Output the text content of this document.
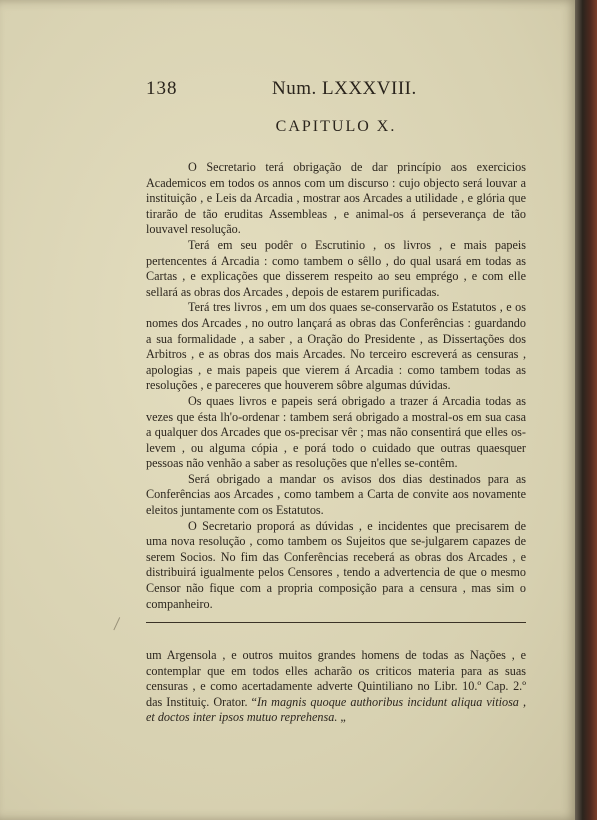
138	Num. LXXXVIII.
CAPITULO X.

O Secretario terá obrigação de dar princípio aos exercicios Academicos em todos os annos com um discurso : cujo objecto será louvar a instituição , e Leis da Arcadia , mostrar aos Arcades a utilidade , e glória que tirarão de tão eruditas Assembleas , e animal-os á perseverança de tão louvavel resolução.

Terá em seu podêr o Escrutinio , os livros , e mais papeis pertencentes á Arcadia : como tambem o sêllo , do qual usará em todas as Cartas , e explicações que disserem respeito ao seu emprégo , e com elle sellará as obras dos Arcades , depois de estarem purificadas.

Terá tres livros , em um dos quaes se-conservarão os Estatutos , e os nomes dos Arcades , no outro lançará as obras das Conferências : guardando a sua formalidade , a saber , a Oração do Presidente , as Dissertações dos Arbitros , e as obras dos mais Arcades. No terceiro escreverá as censuras , apologias , e mais papeis que vierem á Arcadia : como tambem todas as resoluções , e pareceres que houverem sôbre algumas dúvidas.

Os quaes livros e papeis será obrigado a trazer á Arcadia todas as vezes que ésta lh'o-ordenar : tambem será obrigado a mostral-os em sua casa a qualquer dos Arcades que os-precisar vêr ; mas não consentirá que elles os-levem , ou alguma cópia , e porá todo o cuidado que outras quaesquer pessoas não venhão a saber as resoluções que n'elles se-contêm.

Será obrigado a mandar os avisos dos dias destinados para as Conferências aos Arcades , como tambem a Carta de convite aos novamente eleitos juntamente com os Estatutos.

O Secretario proporá as dúvidas , e incidentes que precisarem de uma nova resolução , como tambem os Sujeitos que se-julgarem capazes de serem Socios. No fim das Conferências receberá as obras dos Arcades , e distribuirá igualmente pelos Censores , tendo a advertencia de que o mesmo Censor não fique com a propria composição para a censura , mas sim o companheiro.

um Argensola , e outros muitos grandes homens de todas as Nações , e contemplar que em todos elles acharão os criticos materia para as suas censuras , e como acertadamente adverte Quintiliano no Libr. 10.º Cap. 2.º das Instituiç. Orator. “In magnis quoque authoribus incidunt aliqua vitiosa , et doctos inter ipsos mutuo reprehensa. „
